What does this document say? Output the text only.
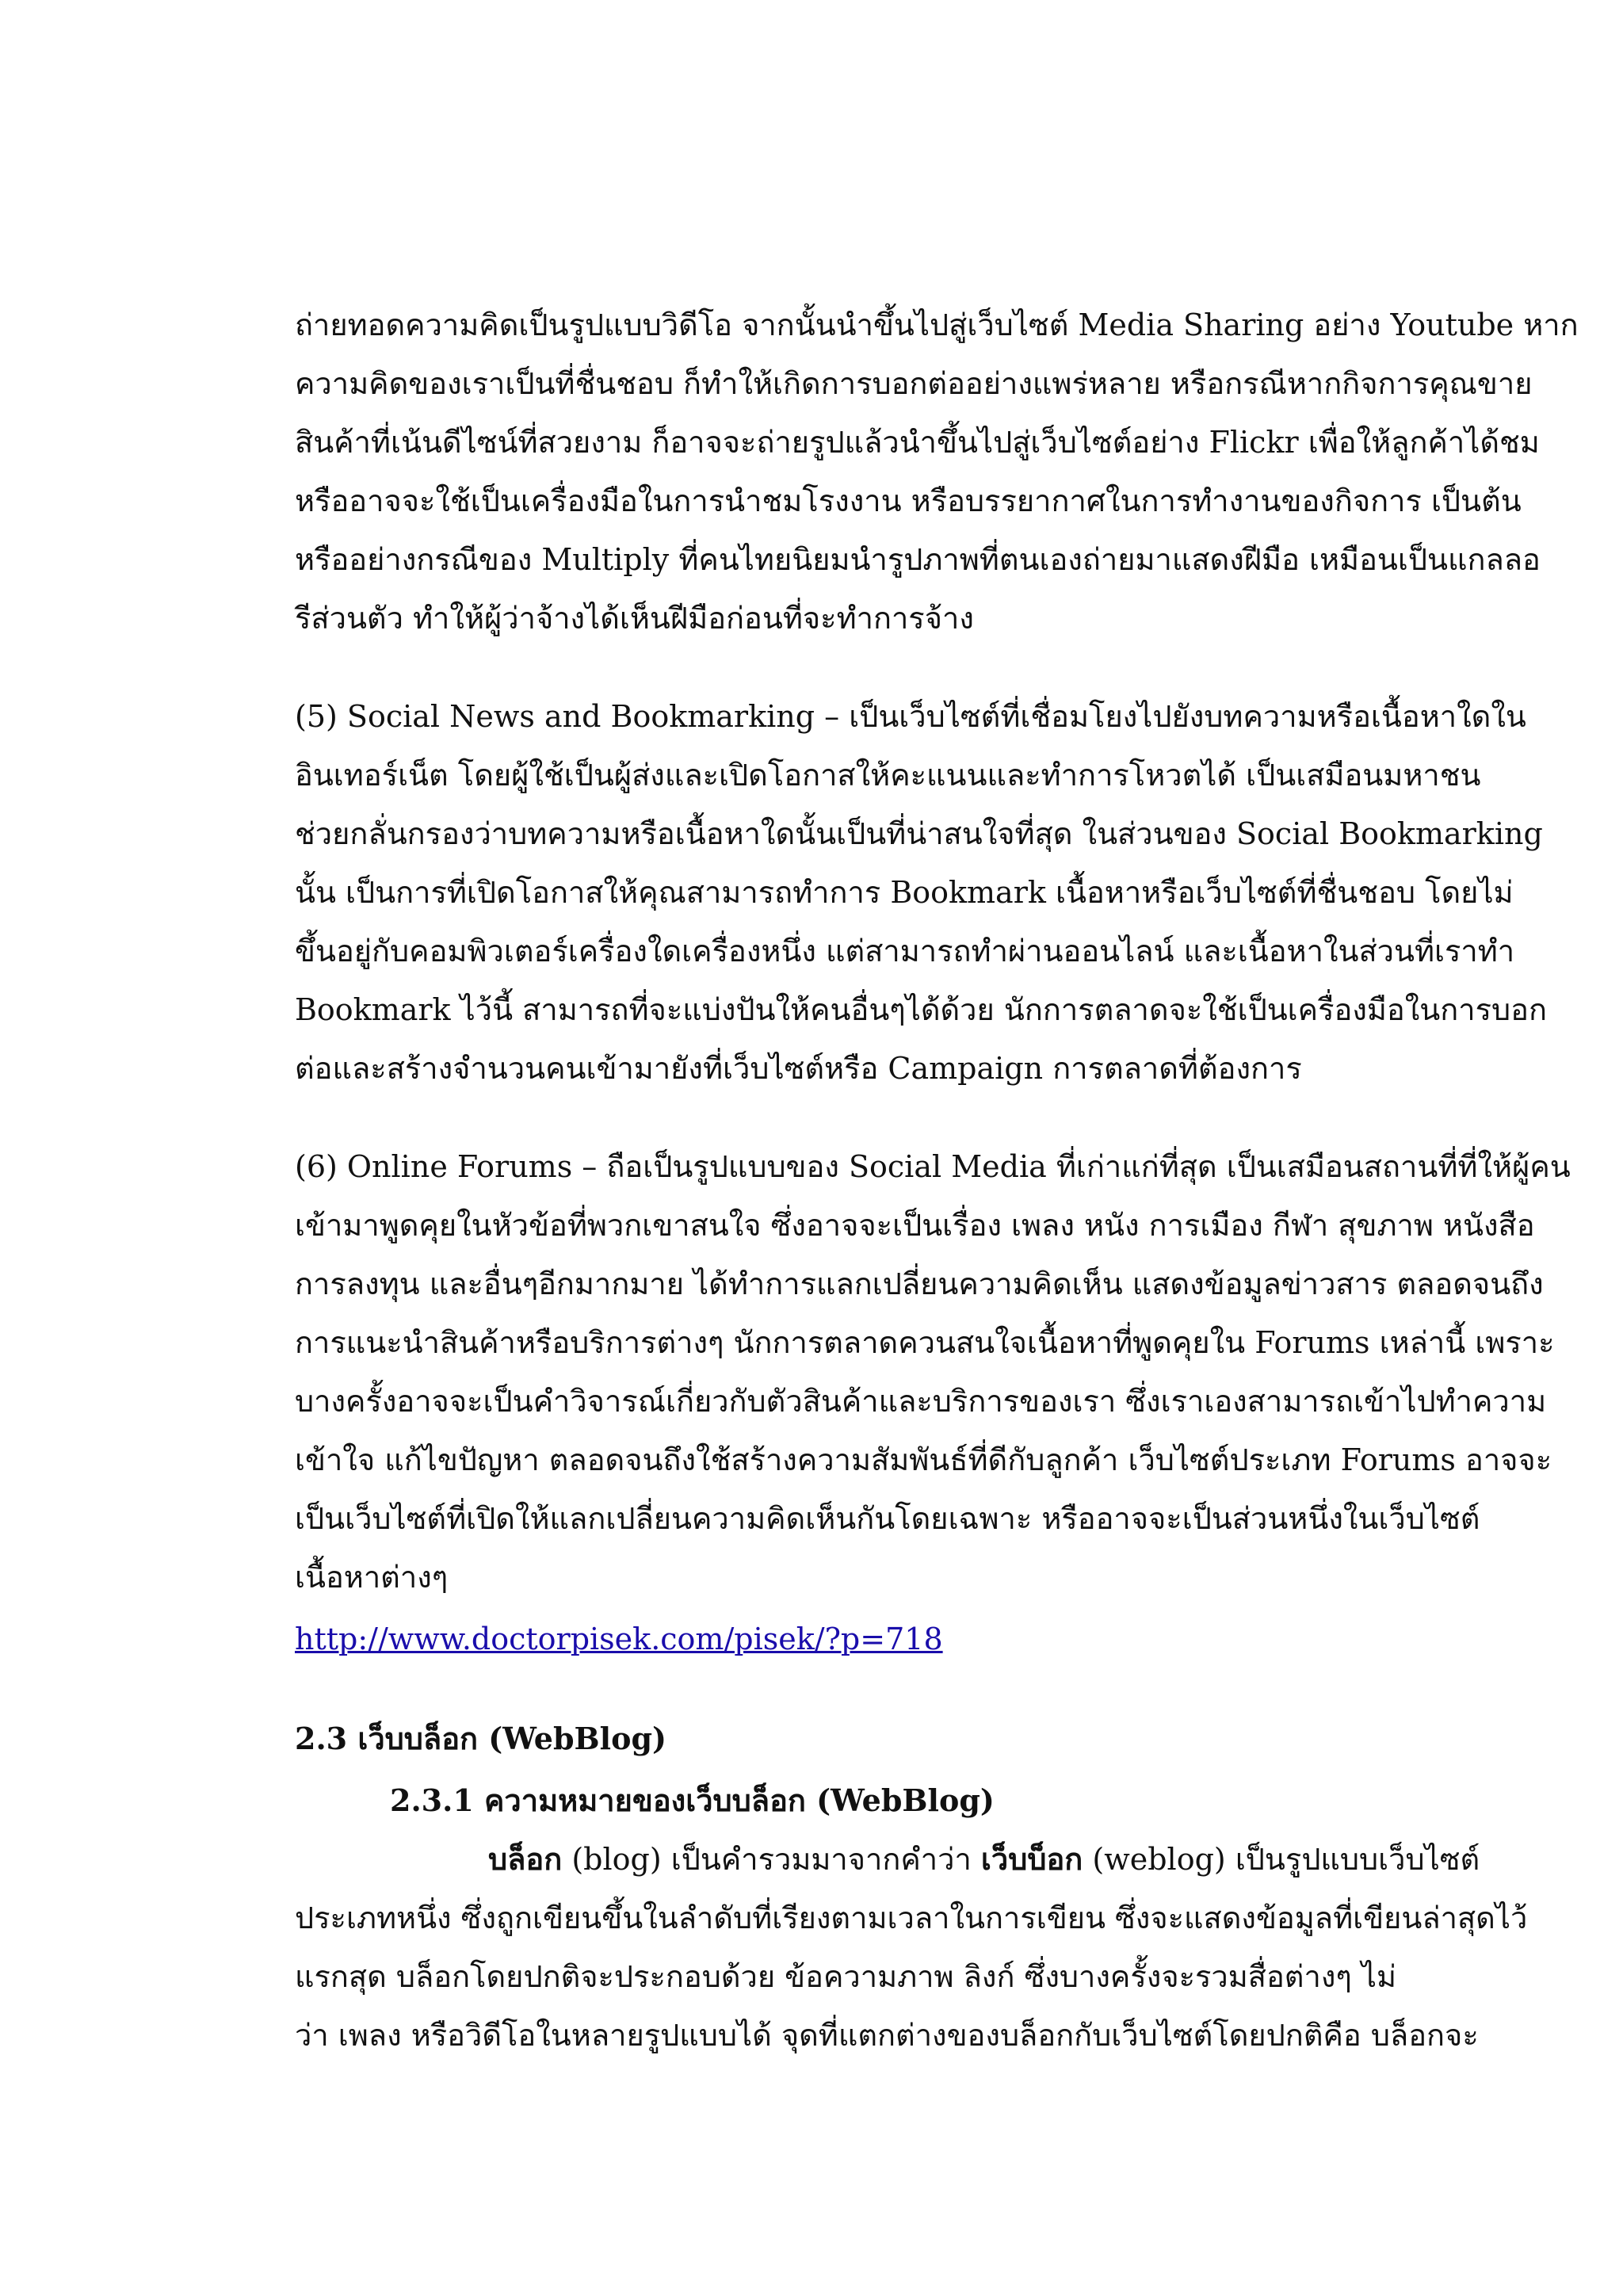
ถ่ายทอดความคิดเป็นรูปแบบวิดีโอ จากนั้นนำขึ้นไปสู่เว็บไซต์ Media Sharing อย่าง Youtube หาก
ความคิดของเราเป็นที่ชื่นชอบ ก็ทำให้เกิดการบอกต่ออย่างแพร่หลาย หรือกรณีหากกิจการคุณขาย
สินค้าที่เน้นดีไซน์ที่สวยงาม ก็อาจจะถ่ายรูปแล้วนำขึ้นไปสู่เว็บไซต์อย่าง Flickr เพื่อให้ลูกค้าได้ชม
หรืออาจจะใช้เป็นเครื่องมือในการนำชมโรงงาน หรือบรรยากาศในการทำงานของกิจการ เป็นต้น
หรืออย่างกรณีของ Multiply ที่คนไทยนิยมนำรูปภาพที่ตนเองถ่ายมาแสดงฝีมือ เหมือนเป็นแกลลอ
รีส่วนตัว ทำให้ผู้ว่าจ้างได้เห็นฝีมือก่อนที่จะทำการจ้าง
(5) Social News and Bookmarking – เป็นเว็บไซต์ที่เชื่อมโยงไปยังบทความหรือเนื้อหาใดใน
อินเทอร์เน็ต โดยผู้ใช้เป็นผู้ส่งและเปิดโอกาสให้คะแนนและทำการโหวตได้ เป็นเสมือนมหาชน
ช่วยกลั่นกรองว่าบทความหรือเนื้อหาใดนั้นเป็นที่น่าสนใจที่สุด ในส่วนของ Social Bookmarking
นั้น เป็นการที่เปิดโอกาสให้คุณสามารถทำการ Bookmark เนื้อหาหรือเว็บไซต์ที่ชื่นชอบ โดยไม่
ขึ้นอยู่กับคอมพิวเตอร์เครื่องใดเครื่องหนึ่ง แต่สามารถทำผ่านออนไลน์ และเนื้อหาในส่วนที่เราทำ
Bookmark ไว้นี้ สามารถที่จะแบ่งปันให้คนอื่นๆได้ด้วย นักการตลาดจะใช้เป็นเครื่องมือในการบอก
ต่อและสร้างจำนวนคนเข้ามายังที่เว็บไซต์หรือ Campaign การตลาดที่ต้องการ
(6) Online Forums – ถือเป็นรูปแบบของ Social Media ที่เก่าแก่ที่สุด เป็นเสมือนสถานที่ที่ให้ผู้คน
เข้ามาพูดคุยในหัวข้อที่พวกเขาสนใจ ซึ่งอาจจะเป็นเรื่อง เพลง หนัง การเมือง กีฬา สุขภาพ หนังสือ
การลงทุน และอื่นๆอีกมากมาย ได้ทำการแลกเปลี่ยนความคิดเห็น แสดงข้อมูลข่าวสาร ตลอดจนถึง
การแนะนำสินค้าหรือบริการต่างๆ นักการตลาดควนสนใจเนื้อหาที่พูดคุยใน Forums เหล่านี้ เพราะ
บางครั้งอาจจะเป็นคำวิจารณ์เกี่ยวกับตัวสินค้าและบริการของเรา ซึ่งเราเองสามารถเข้าไปทำความ
เข้าใจ แก้ไขปัญหา ตลอดจนถึงใช้สร้างความสัมพันธ์ที่ดีกับลูกค้า เว็บไซต์ประเภท Forums อาจจะ
เป็นเว็บไซต์ที่เปิดให้แลกเปลี่ยนความคิดเห็นกันโดยเฉพาะ หรืออาจจะเป็นส่วนหนึ่งในเว็บไซต์
เนื้อหาต่างๆ
http://www.doctorpisek.com/pisek/?p=718
2.3 เว็บบล็อก (WebBlog)
2.3.1 ความหมายของเว็บบล็อก (WebBlog)
บล็อก (blog) เป็นคำรวมมาจากคำว่า เว็บบ็อก (weblog) เป็นรูปแบบเว็บไซต์
ประเภทหนึ่ง ซึ่งถูกเขียนขึ้นในลำดับที่เรียงตามเวลาในการเขียน ซึ่งจะแสดงข้อมูลที่เขียนล่าสุดไว้
แรกสุด บล็อกโดยปกติจะประกอบด้วย ข้อความภาพ ลิงก์ ซึ่งบางครั้งจะรวมสื่อต่างๆ ไม่
ว่า เพลง หรือวิดีโอในหลายรูปแบบได้ จุดที่แตกต่างของบล็อกกับเว็บไซต์โดยปกติคือ บล็อกจะ
